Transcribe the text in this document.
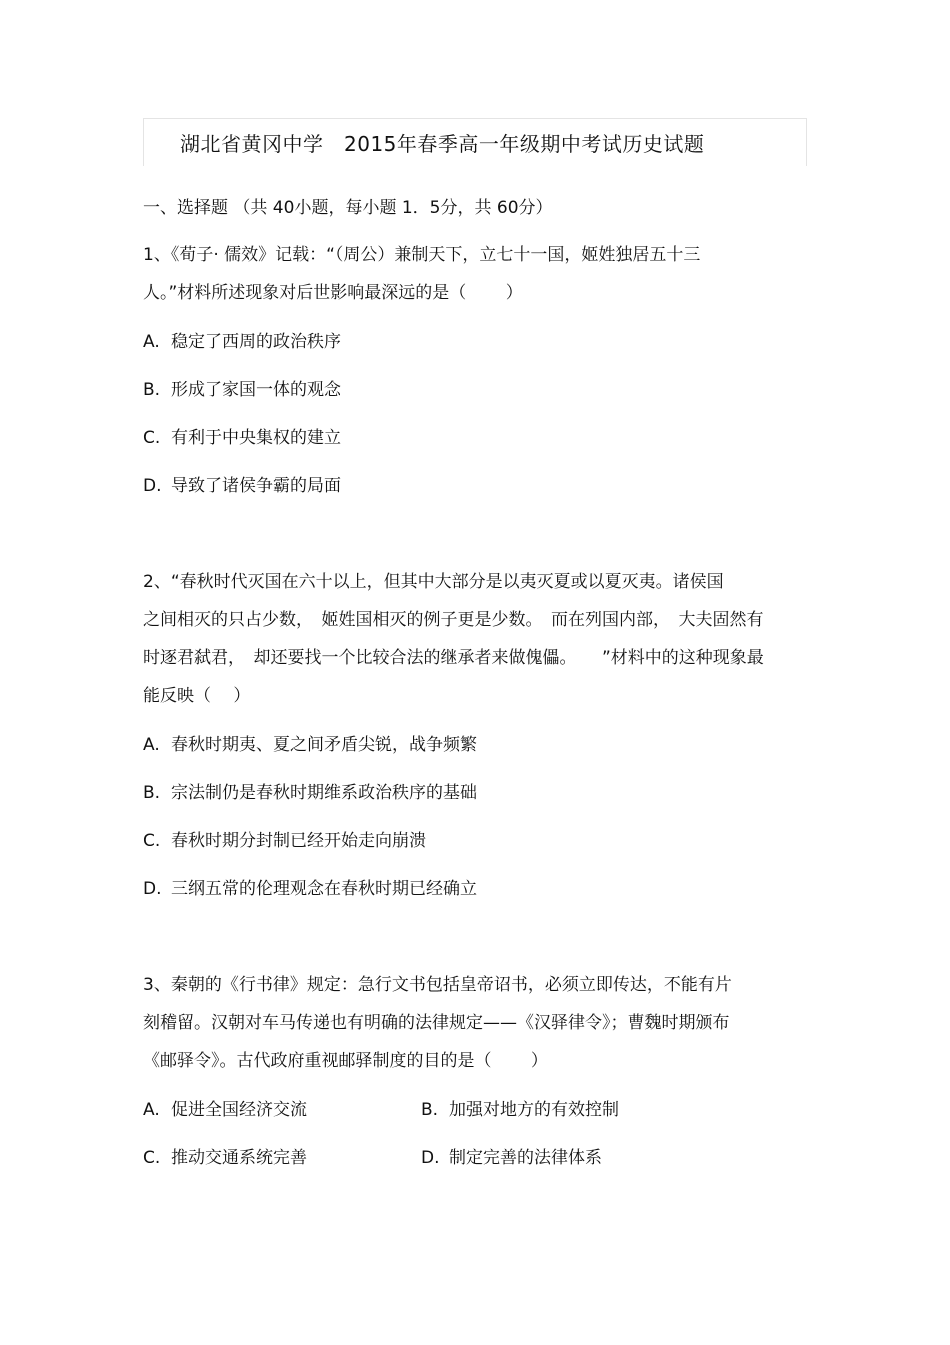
湖北省黄冈中学　2015年春季高一年级期中考试历史试题
一、选择题 （共 40小题，每小题 1．5分，共 60分）
1、《荀子· 儒效》记载：“（周公）兼制天下，立七十一国，姬姓独居五十三
人。”材料所述现象对后世影响最深远的是（　　 ）
A. 稳定了西周的政治秩序
B. 形成了家国一体的观念
C. 有利于中央集权的建立
D. 导致了诸侯争霸的局面
2、“春秋时代灭国在六十以上，但其中大部分是以夷灭夏或以夏灭夷。诸侯国
之间相灭的只占少数，　姬姓国相灭的例子更是少数。　而在列国内部，　大夫固然有
时逐君弑君，　却还要找一个比较合法的继承者来做傀儡。　　”材料中的这种现象最
能反映（　 ）
A. 春秋时期夷、夏之间矛盾尖锐，战争频繁
B. 宗法制仍是春秋时期维系政治秩序的基础
C. 春秋时期分封制已经开始走向崩溃
D. 三纲五常的伦理观念在春秋时期已经确立
3、秦朝的《行书律》规定：急行文书包括皇帝诏书，必须立即传达，不能有片
刻稽留。汉朝对车马传递也有明确的法律规定——《汉驿律令》；曹魏时期颁布
《邮驿令》。古代政府重视邮驿制度的目的是（　　 ）
A. 促进全国经济交流	B. 加强对地方的有效控制
C. 推动交通系统完善	D. 制定完善的法律体系
